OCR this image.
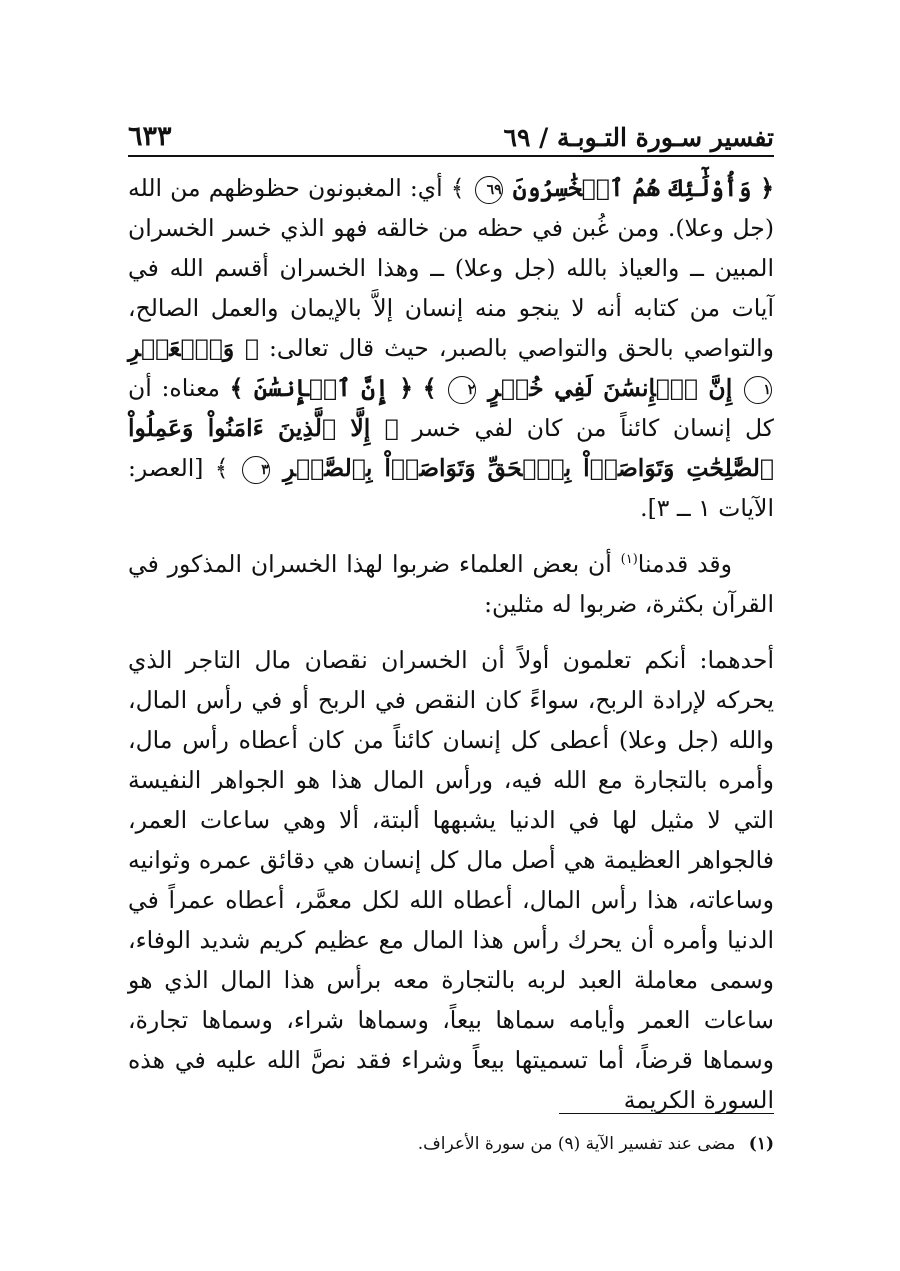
٦٣٣	تفسير سـورة التـوبـة / ٦٩

﴿ وَأُوْلَٰٓئِكَ هُمُ ٱلۡخَٰسِرُونَ ٦٩ ﴾ أي: المغبونون حظوظهم من الله (جل وعلا). ومن غُبن في حظه من خالقه فهو الذي خسر الخسران المبين ــ والعياذ بالله (جل وعلا) ــ وهذا الخسران أقسم الله في آيات من كتابه أنه لا ينجو منه إنسان إلاَّ بالإيمان والعمل الصالح، والتواصي بالحق والتواصي بالصبر، حيث قال تعالى: ﴿ وَٱلۡعَصۡرِ ١ إِنَّ ٱلۡإِنسَٰنَ لَفِي خُسۡرٍ ٢ ﴾ ﴿ إِنَّ ٱلۡإِنسَٰنَ ﴾ معناه: أن كل إنسان كائناً من كان لفي خسر ﴿ إِلَّا ٱلَّذِينَ ءَامَنُواْ وَعَمِلُواْ ٱلصَّٰلِحَٰتِ وَتَوَاصَوۡاْ بِٱلۡحَقِّ وَتَوَاصَوۡاْ بِٱلصَّبۡرِ ٣ ﴾ [العصر: الآيات ١ ــ ٣].

وقد قدمنا$^{(١)}$ أن بعض العلماء ضربوا لهذا الخسران المذكور في القرآن بكثرة، ضربوا له مثلين:

أحدهما: أنكم تعلمون أولاً أن الخسران نقصان مال التاجر الذي يحركه لإرادة الربح، سواءً كان النقص في الربح أو في رأس المال، والله (جل وعلا) أعطى كل إنسان كائناً من كان أعطاه رأس مال، وأمره بالتجارة مع الله فيه، ورأس المال هذا هو الجواهر النفيسة التي لا مثيل لها في الدنيا يشبهها ألبتة، ألا وهي ساعات العمر، فالجواهر العظيمة هي أصل مال كل إنسان هي دقائق عمره وثوانيه وساعاته، هذا رأس المال، أعطاه الله لكل معمَّر، أعطاه عمراً في الدنيا وأمره أن يحرك رأس هذا المال مع عظيم كريم شديد الوفاء، وسمى معاملة العبد لربه بالتجارة معه برأس هذا المال الذي هو ساعات العمر وأيامه سماها بيعاً، وسماها شراء، وسماها تجارة، وسماها قرضاً، أما تسميتها بيعاً وشراء فقد نصَّ الله عليه في هذه السورة الكريمة

(١) مضى عند تفسير الآية (٩) من سورة الأعراف.
